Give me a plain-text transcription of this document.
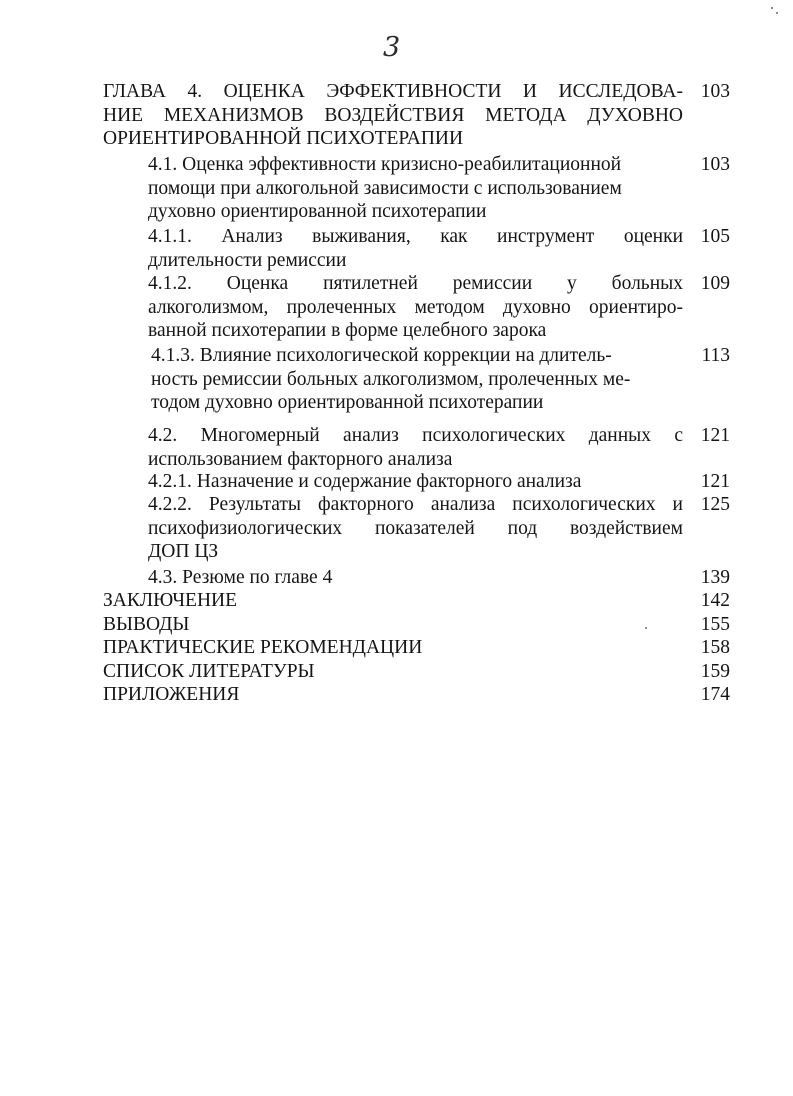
3
ГЛАВА 4. ОЦЕНКА ЭФФЕКТИВНОСТИ И ИССЛЕДОВА-
НИЕ МЕХАНИЗМОВ ВОЗДЕЙСТВИЯ МЕТОДА ДУХОВНО
ОРИЕНТИРОВАННОЙ ПСИХОТЕРАПИИ
103
4.1. Оценка эффективности кризисно-реабилитационной
помощи при алкогольной зависимости с использованием
духовно ориентированной психотерапии
103
4.1.1. Анализ выживания, как инструмент оценки
длительности ремиссии
105
4.1.2. Оценка пятилетней ремиссии у больных
алкоголизмом, пролеченных методом духовно ориентиро-
ванной психотерапии в форме целебного зарока
109
4.1.3. Влияние психологической коррекции на длитель-
ность ремиссии больных алкоголизмом, пролеченных ме-
тодом духовно ориентированной психотерапии
113
4.2. Многомерный анализ психологических данных с
использованием факторного анализа
121
4.2.1. Назначение и содержание факторного анализа	121
4.2.2. Результаты факторного анализа психологических и
психофизиологических показателей под воздействием
ДОП ЦЗ
125
4.3. Резюме по главе 4	139
ЗАКЛЮЧЕНИЕ	142
ВЫВОДЫ	155
ПРАКТИЧЕСКИЕ РЕКОМЕНДАЦИИ	158
СПИСОК ЛИТЕРАТУРЫ	159
ПРИЛОЖЕНИЯ	174
